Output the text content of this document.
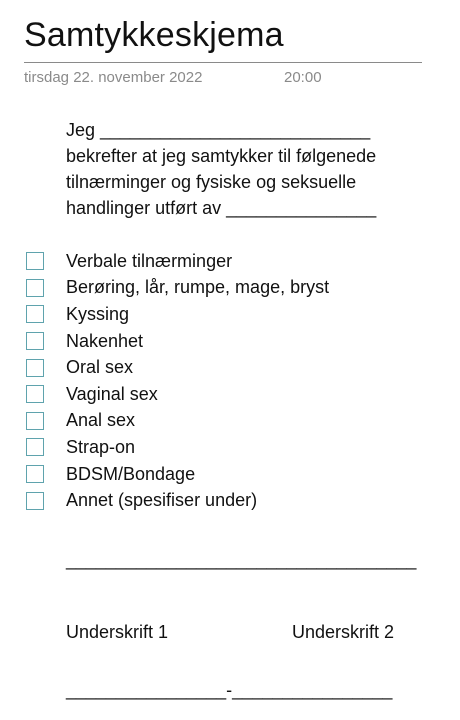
Samtykkeskjema
tirsdag 22. november 2022	20:00
Jeg ___________________________
bekrefter at jeg samtykker til følgenede
tilnærminger og fysiske og seksuelle
handlinger utført av _______________
Verbale tilnærminger
Berøring, lår, rumpe, mage, bryst
Kyssing
Nakenhet
Oral sex
Vaginal sex
Anal sex
Strap-on
BDSM/Bondage
Annet (spesifiser under)
___________________________________
Underskrift 1	Underskrift 2
________________-________________
